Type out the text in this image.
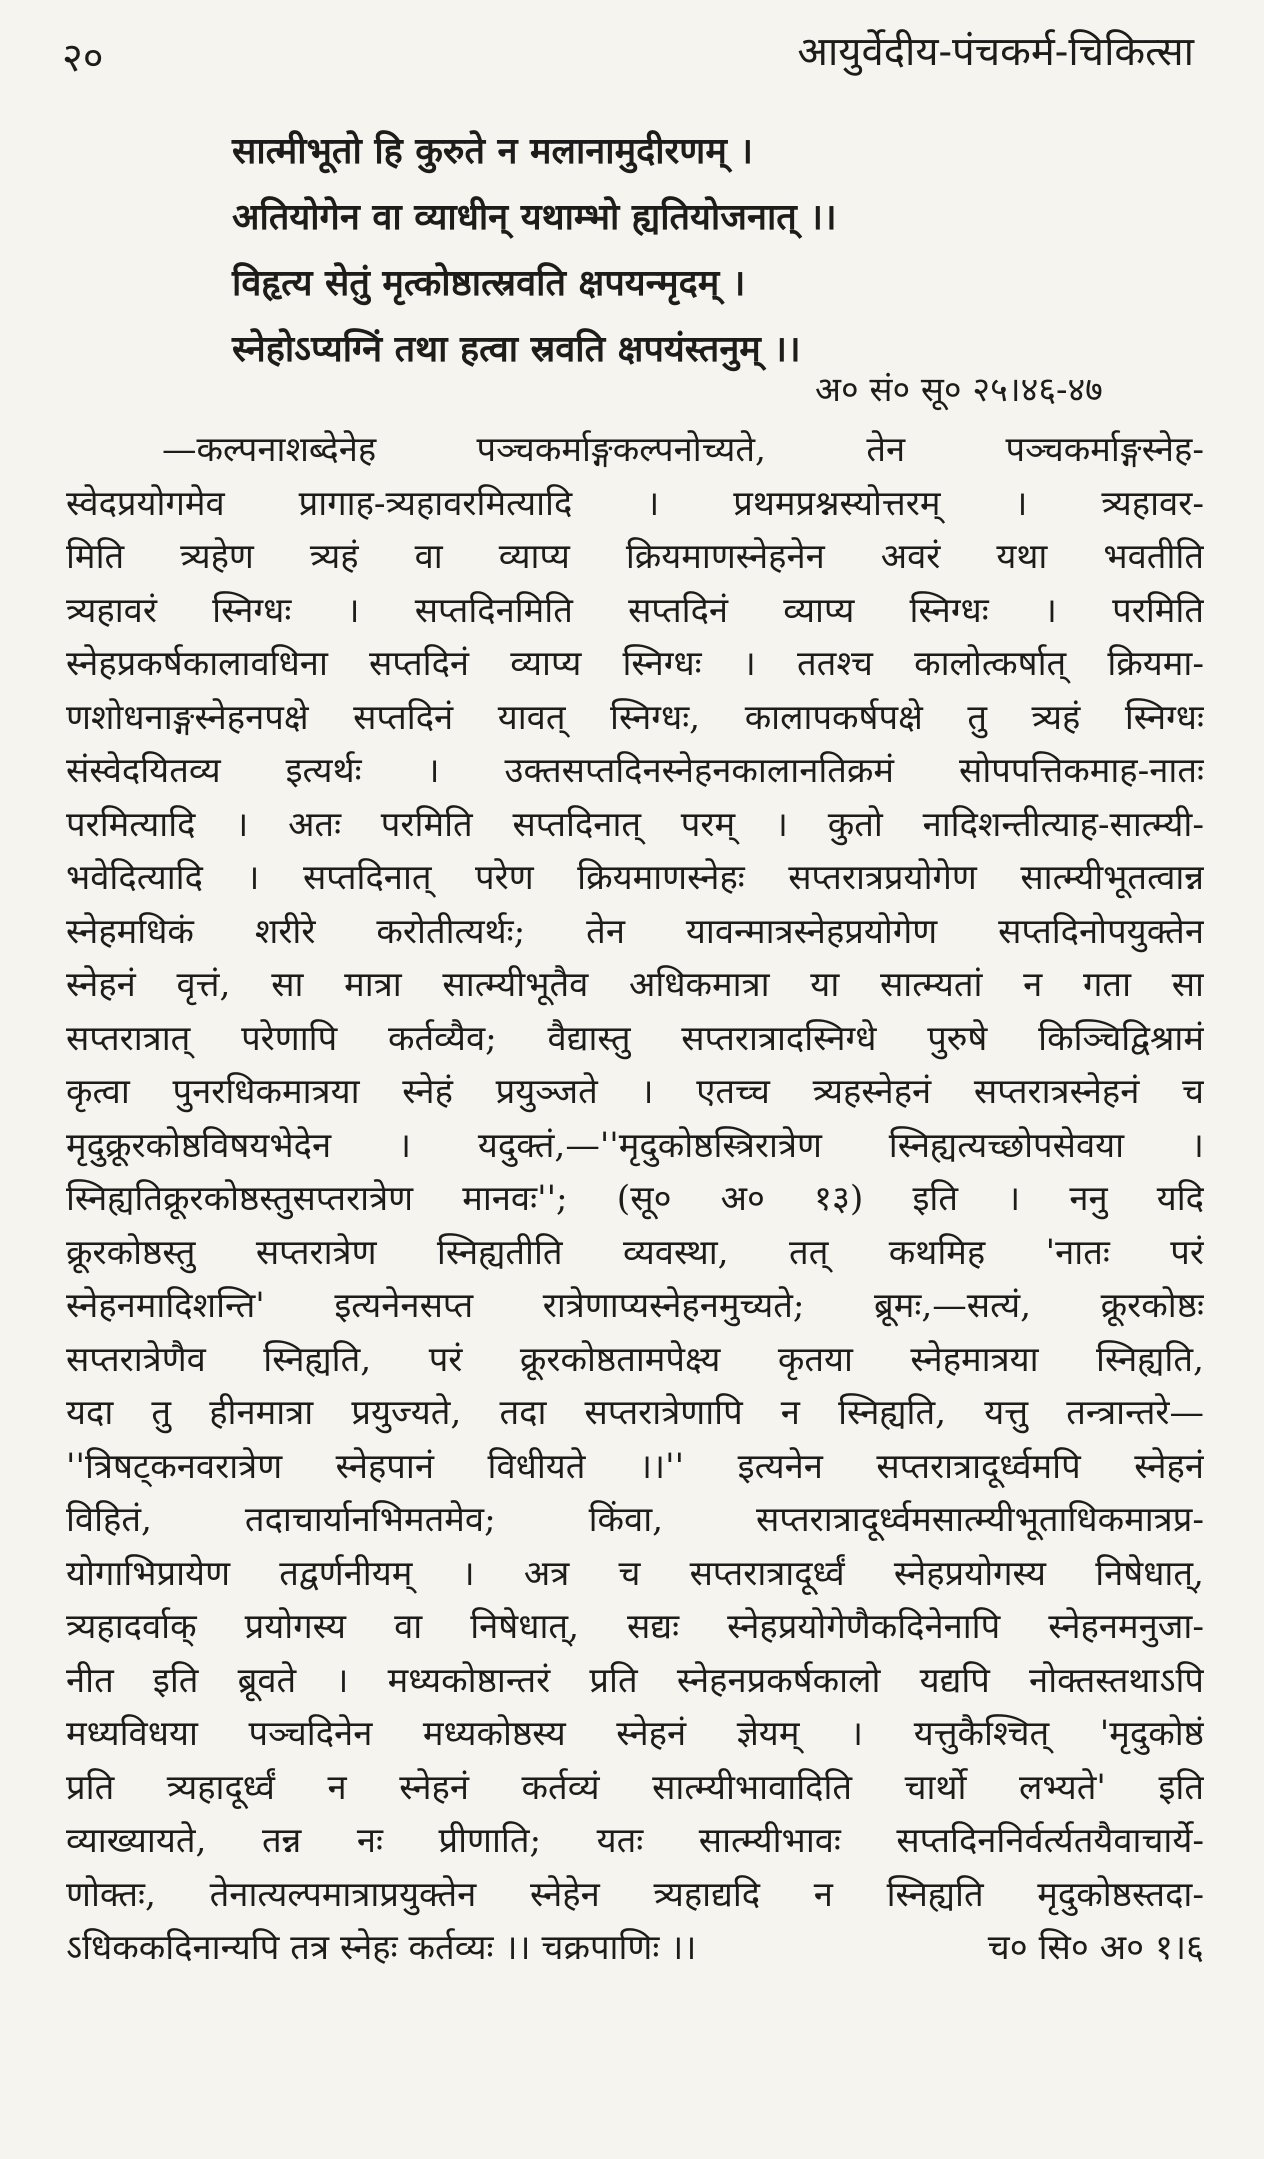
२०	आयुर्वेदीय-पंचकर्म-चिकित्सा
सात्मीभूतो हि कुरुते न मलानामुदीरणम् ।
अतियोगेन वा व्याधीन् यथाम्भो ह्यतियोजनात् ।।
विहृत्य सेतुं मृत्कोष्ठात्स्रवति क्षपयन्मृदम् ।
स्नेहोऽप्यग्निं तथा हत्वा स्रवति क्षपयंस्तनुम् ।।
अ० सं० सू० २५।४६-४७
—कल्पनाशब्देनेह पञ्चकर्माङ्गकल्पनोच्यते, तेन पञ्चकर्माङ्गस्नेह-
स्वेदप्रयोगमेव प्रागाह-त्र्यहावरमित्यादि । प्रथमप्रश्नस्योत्तरम् । त्र्यहावर-
मिति त्र्यहेण त्र्यहं वा व्याप्य क्रियमाणस्नेहनेन अवरं यथा भवतीति
त्र्यहावरं स्निग्धः । सप्तदिनमिति सप्तदिनं व्याप्य स्निग्धः । परमिति
स्नेहप्रकर्षकालावधिना सप्तदिनं व्याप्य स्निग्धः । ततश्च कालोत्कर्षात् क्रियमा-
णशोधनाङ्गस्नेहनपक्षे सप्तदिनं यावत् स्निग्धः, कालापकर्षपक्षे तु त्र्यहं स्निग्धः
संस्वेदयितव्य इत्यर्थः । उक्तसप्तदिनस्नेहनकालानतिक्रमं सोपपत्तिकमाह-नातः
परमित्यादि । अतः परमिति सप्तदिनात् परम् । कुतो नादिशन्तीत्याह-सात्म्यी-
भवेदित्यादि । सप्तदिनात् परेण क्रियमाणस्नेहः सप्तरात्रप्रयोगेण सात्म्यीभूतत्वान्न
स्नेहमधिकं शरीरे करोतीत्यर्थः; तेन यावन्मात्रस्नेहप्रयोगेण सप्तदिनोपयुक्तेन
स्नेहनं वृत्तं, सा मात्रा सात्म्यीभूतैव अधिकमात्रा या सात्म्यतां न गता सा
सप्तरात्रात् परेणापि कर्तव्यैव; वैद्यास्तु सप्तरात्रादस्निग्धे पुरुषे किञ्चिद्विश्रामं
कृत्वा पुनरधिकमात्रया स्नेहं प्रयुञ्जते । एतच्च त्र्यहस्नेहनं सप्तरात्रस्नेहनं च
मृदुक्रूरकोष्ठविषयभेदेन । यदुक्तं,—''मृदुकोष्ठस्त्रिरात्रेण स्निह्यत्यच्छोपसेवया ।
स्निह्यतिक्रूरकोष्ठस्तुसप्तरात्रेण मानवः''; (सू० अ० १३) इति । ननु यदि
क्रूरकोष्ठस्तु सप्तरात्रेण स्निह्यतीति व्यवस्था, तत् कथमिह 'नातः परं
स्नेहनमादिशन्ति' इत्यनेनसप्त रात्रेणाप्यस्नेहनमुच्यते; ब्रूमः,—सत्यं, क्रूरकोष्ठः
सप्तरात्रेणैव स्निह्यति, परं क्रूरकोष्ठतामपेक्ष्य कृतया स्नेहमात्रया स्निह्यति,
यदा तु हीनमात्रा प्रयुज्यते, तदा सप्तरात्रेणापि न स्निह्यति, यत्तु तन्त्रान्तरे—
''त्रिषट्कनवरात्रेण स्नेहपानं विधीयते ।।'' इत्यनेन सप्तरात्रादूर्ध्वमपि स्नेहनं
विहितं, तदाचार्यानभिमतमेव; किंवा, सप्तरात्रादूर्ध्वमसात्म्यीभूताधिकमात्रप्र-
योगाभिप्रायेण तद्वर्णनीयम् । अत्र च सप्तरात्रादूर्ध्वं स्नेहप्रयोगस्य निषेधात्,
त्र्यहादर्वाक् प्रयोगस्य वा निषेधात्, सद्यः स्नेहप्रयोगेणैकदिनेनापि स्नेहनमनुजा-
नीत इति ब्रूवते । मध्यकोष्ठान्तरं प्रति स्नेहनप्रकर्षकालो यद्यपि नोक्तस्तथाऽपि
मध्यविधया पञ्चदिनेन मध्यकोष्ठस्य स्नेहनं ज्ञेयम् । यत्तुकैश्चित् 'मृदुकोष्ठं
प्रति त्र्यहादूर्ध्वं न स्नेहनं कर्तव्यं सात्म्यीभावादिति चार्थो लभ्यते' इति
व्याख्यायते, तन्न नः प्रीणाति; यतः सात्म्यीभावः सप्तदिननिर्वर्त्यतयैवाचार्ये-
णोक्तः, तेनात्यल्पमात्राप्रयुक्तेन स्नेहेन त्र्यहाद्यदि न स्निह्यति मृदुकोष्ठस्तदा-
ऽधिककदिनान्यपि तत्र स्नेहः कर्तव्यः ।। चक्रपाणिः ।।	च० सि० अ० १।६
